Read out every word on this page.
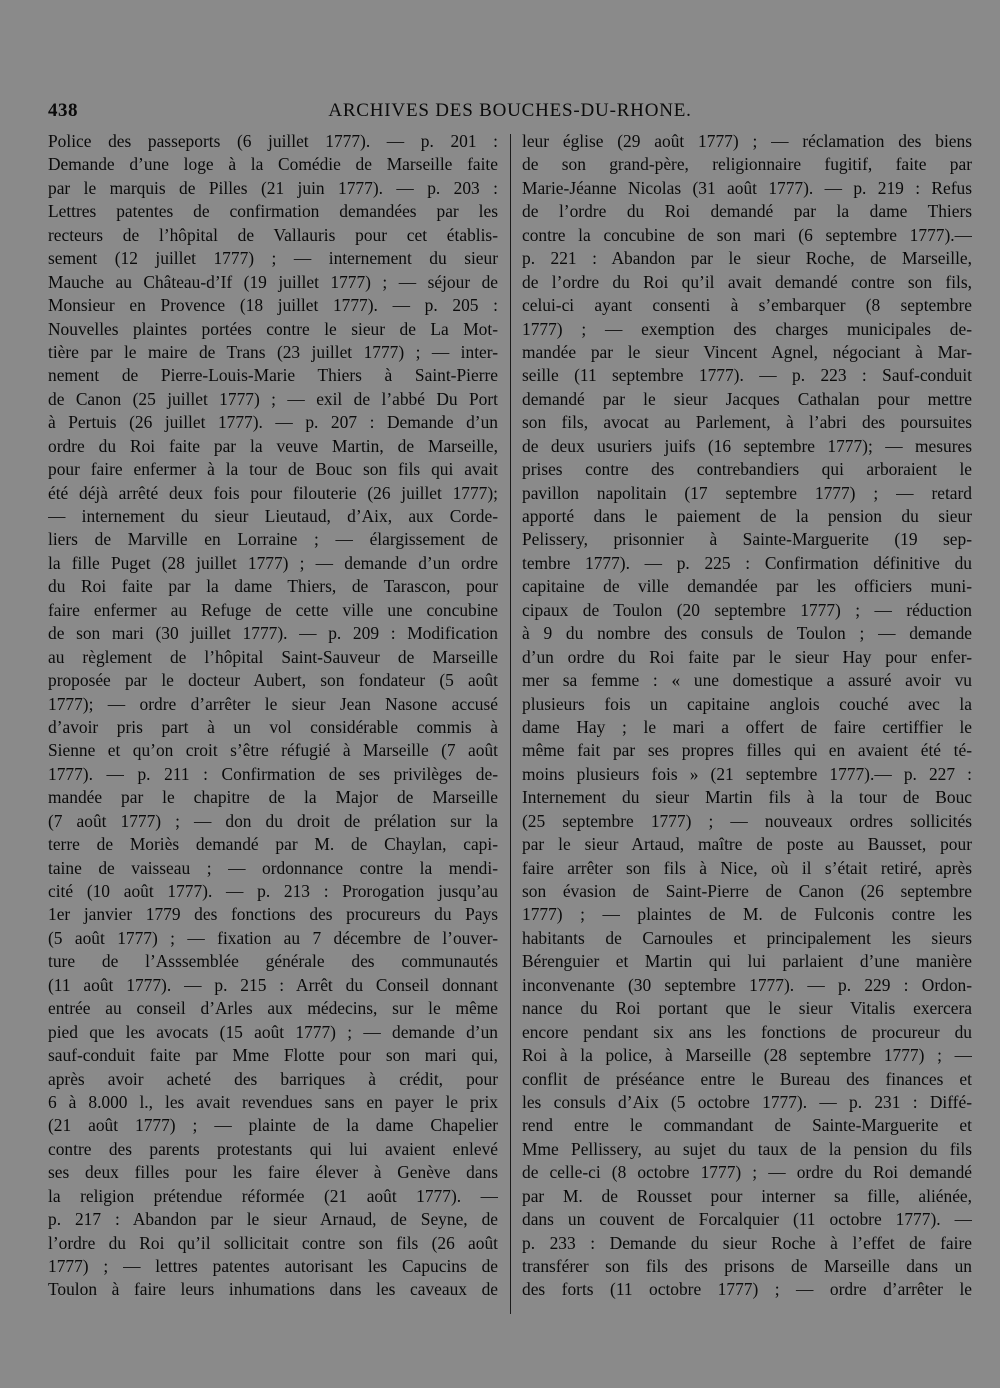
438	ARCHIVES DES BOUCHES-DU-RHONE.
Police des passeports (6 juillet 1777). — p. 201 :
Demande d’une loge à la Comédie de Marseille faite
par le marquis de Pilles (21 juin 1777). — p. 203 :
Lettres patentes de confirmation demandées par les
recteurs de l’hôpital de Vallauris pour cet établis-
sement (12 juillet 1777) ; — internement du sieur
Mauche au Château-d’If (19 juillet 1777) ; — séjour de
Monsieur en Provence (18 juillet 1777). — p. 205 :
Nouvelles plaintes portées contre le sieur de La Mot-
tière par le maire de Trans (23 juillet 1777) ; — inter-
nement de Pierre-Louis-Marie Thiers à Saint-Pierre
de Canon (25 juillet 1777) ; — exil de l’abbé Du Port
à Pertuis (26 juillet 1777). — p. 207 : Demande d’un
ordre du Roi faite par la veuve Martin, de Marseille,
pour faire enfermer à la tour de Bouc son fils qui avait
été déjà arrêté deux fois pour filouterie (26 juillet 1777);
— internement du sieur Lieutaud, d’Aix, aux Corde-
liers de Marville en Lorraine ; — élargissement de
la fille Puget (28 juillet 1777) ; — demande d’un ordre
du Roi faite par la dame Thiers, de Tarascon, pour
faire enfermer au Refuge de cette ville une concubine
de son mari (30 juillet 1777). — p. 209 : Modification
au règlement de l’hôpital Saint-Sauveur de Marseille
proposée par le docteur Aubert, son fondateur (5 août
1777); — ordre d’arrêter le sieur Jean Nasone accusé
d’avoir pris part à un vol considérable commis à
Sienne et qu’on croit s’être réfugié à Marseille (7 août
1777). — p. 211 : Confirmation de ses privilèges de-
mandée par le chapitre de la Major de Marseille
(7 août 1777) ; — don du droit de prélation sur la
terre de Moriès demandé par M. de Chaylan, capi-
taine de vaisseau ; — ordonnance contre la mendi-
cité (10 août 1777). — p. 213 : Prorogation jusqu’au
1er janvier 1779 des fonctions des procureurs du Pays
(5 août 1777) ; — fixation au 7 décembre de l’ouver-
ture de l’Asssemblée générale des communautés
(11 août 1777). — p. 215 : Arrêt du Conseil donnant
entrée au conseil d’Arles aux médecins, sur le même
pied que les avocats (15 août 1777) ; — demande d’un
sauf-conduit faite par Mme Flotte pour son mari qui,
après avoir acheté des barriques à crédit, pour
6 à 8.000 l., les avait revendues sans en payer le prix
(21 août 1777) ; — plainte de la dame Chapelier
contre des parents protestants qui lui avaient enlevé
ses deux filles pour les faire élever à Genève dans
la religion prétendue réformée (21 août 1777). —
p. 217 : Abandon par le sieur Arnaud, de Seyne, de
l’ordre du Roi qu’il sollicitait contre son fils (26 août
1777) ; — lettres patentes autorisant les Capucins de
Toulon à faire leurs inhumations dans les caveaux de
leur église (29 août 1777) ; — réclamation des biens
de son grand-père, religionnaire fugitif, faite par
Marie-Jéanne Nicolas (31 août 1777). — p. 219 : Refus
de l’ordre du Roi demandé par la dame Thiers
contre la concubine de son mari (6 septembre 1777).—
p. 221 : Abandon par le sieur Roche, de Marseille,
de l’ordre du Roi qu’il avait demandé contre son fils,
celui-ci ayant consenti à s’embarquer (8 septembre
1777) ; — exemption des charges municipales de-
mandée par le sieur Vincent Agnel, négociant à Mar-
seille (11 septembre 1777). — p. 223 : Sauf-conduit
demandé par le sieur Jacques Cathalan pour mettre
son fils, avocat au Parlement, à l’abri des poursuites
de deux usuriers juifs (16 septembre 1777); — mesures
prises contre des contrebandiers qui arboraient le
pavillon napolitain (17 septembre 1777) ; — retard
apporté dans le paiement de la pension du sieur
Pelissery, prisonnier à Sainte-Marguerite (19 sep-
tembre 1777). — p. 225 : Confirmation définitive du
capitaine de ville demandée par les officiers muni-
cipaux de Toulon (20 septembre 1777) ; — réduction
à 9 du nombre des consuls de Toulon ; — demande
d’un ordre du Roi faite par le sieur Hay pour enfer-
mer sa femme : « une domestique a assuré avoir vu
plusieurs fois un capitaine anglois couché avec la
dame Hay ; le mari a offert de faire certiffier le
même fait par ses propres filles qui en avaient été té-
moins plusieurs fois » (21 septembre 1777).— p. 227 :
Internement du sieur Martin fils à la tour de Bouc
(25 septembre 1777) ; — nouveaux ordres sollicités
par le sieur Artaud, maître de poste au Bausset, pour
faire arrêter son fils à Nice, où il s’était retiré, après
son évasion de Saint-Pierre de Canon (26 septembre
1777) ; — plaintes de M. de Fulconis contre les
habitants de Carnoules et principalement les sieurs
Bérenguier et Martin qui lui parlaient d’une manière
inconvenante (30 septembre 1777). — p. 229 : Ordon-
nance du Roi portant que le sieur Vitalis exercera
encore pendant six ans les fonctions de procureur du
Roi à la police, à Marseille (28 septembre 1777) ; —
conflit de préséance entre le Bureau des finances et
les consuls d’Aix (5 octobre 1777). — p. 231 : Diffé-
rend entre le commandant de Sainte-Marguerite et
Mme Pellissery, au sujet du taux de la pension du fils
de celle-ci (8 octobre 1777) ; — ordre du Roi demandé
par M. de Rousset pour interner sa fille, aliénée,
dans un couvent de Forcalquier (11 octobre 1777). —
p. 233 : Demande du sieur Roche à l’effet de faire
transférer son fils des prisons de Marseille dans un
des forts (11 octobre 1777) ; — ordre d’arrêter le
